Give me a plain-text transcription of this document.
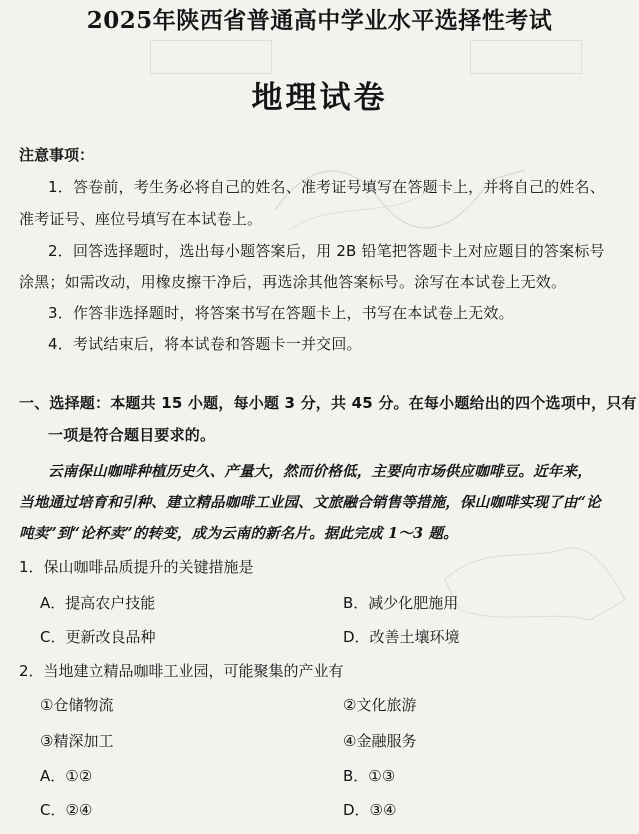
2025年陕西省普通高中学业水平选择性考试
地理试卷
注意事项：
1．答卷前，考生务必将自己的姓名、准考证号填写在答题卡上，并将自己的姓名、
准考证号、座位号填写在本试卷上。
2．回答选择题时，选出每小题答案后，用 2B 铅笔把答题卡上对应题目的答案标号
涂黑；如需改动，用橡皮擦干净后，再选涂其他答案标号。涂写在本试卷上无效。
3．作答非选择题时，将答案书写在答题卡上，书写在本试卷上无效。
4．考试结束后，将本试卷和答题卡一并交回。
一、选择题：本题共 15 小题，每小题 3 分，共 45 分。在每小题给出的四个选项中，只有
一项是符合题目要求的。
云南保山咖啡种植历史久、产量大，然而价格低，主要向市场供应咖啡豆。近年来，
当地通过培育和引种、建立精品咖啡工业园、文旅融合销售等措施，保山咖啡实现了由“论
吨卖”到“论杯卖”的转变，成为云南的新名片。据此完成 1～3 题。
1．保山咖啡品质提升的关键措施是
A．提高农户技能	B．减少化肥施用
C．更新改良品种	D．改善土壤环境
2．当地建立精品咖啡工业园，可能聚集的产业有
①仓储物流	②文化旅游
③精深加工	④金融服务
A．①②	B．①③
C．②④	D．③④
